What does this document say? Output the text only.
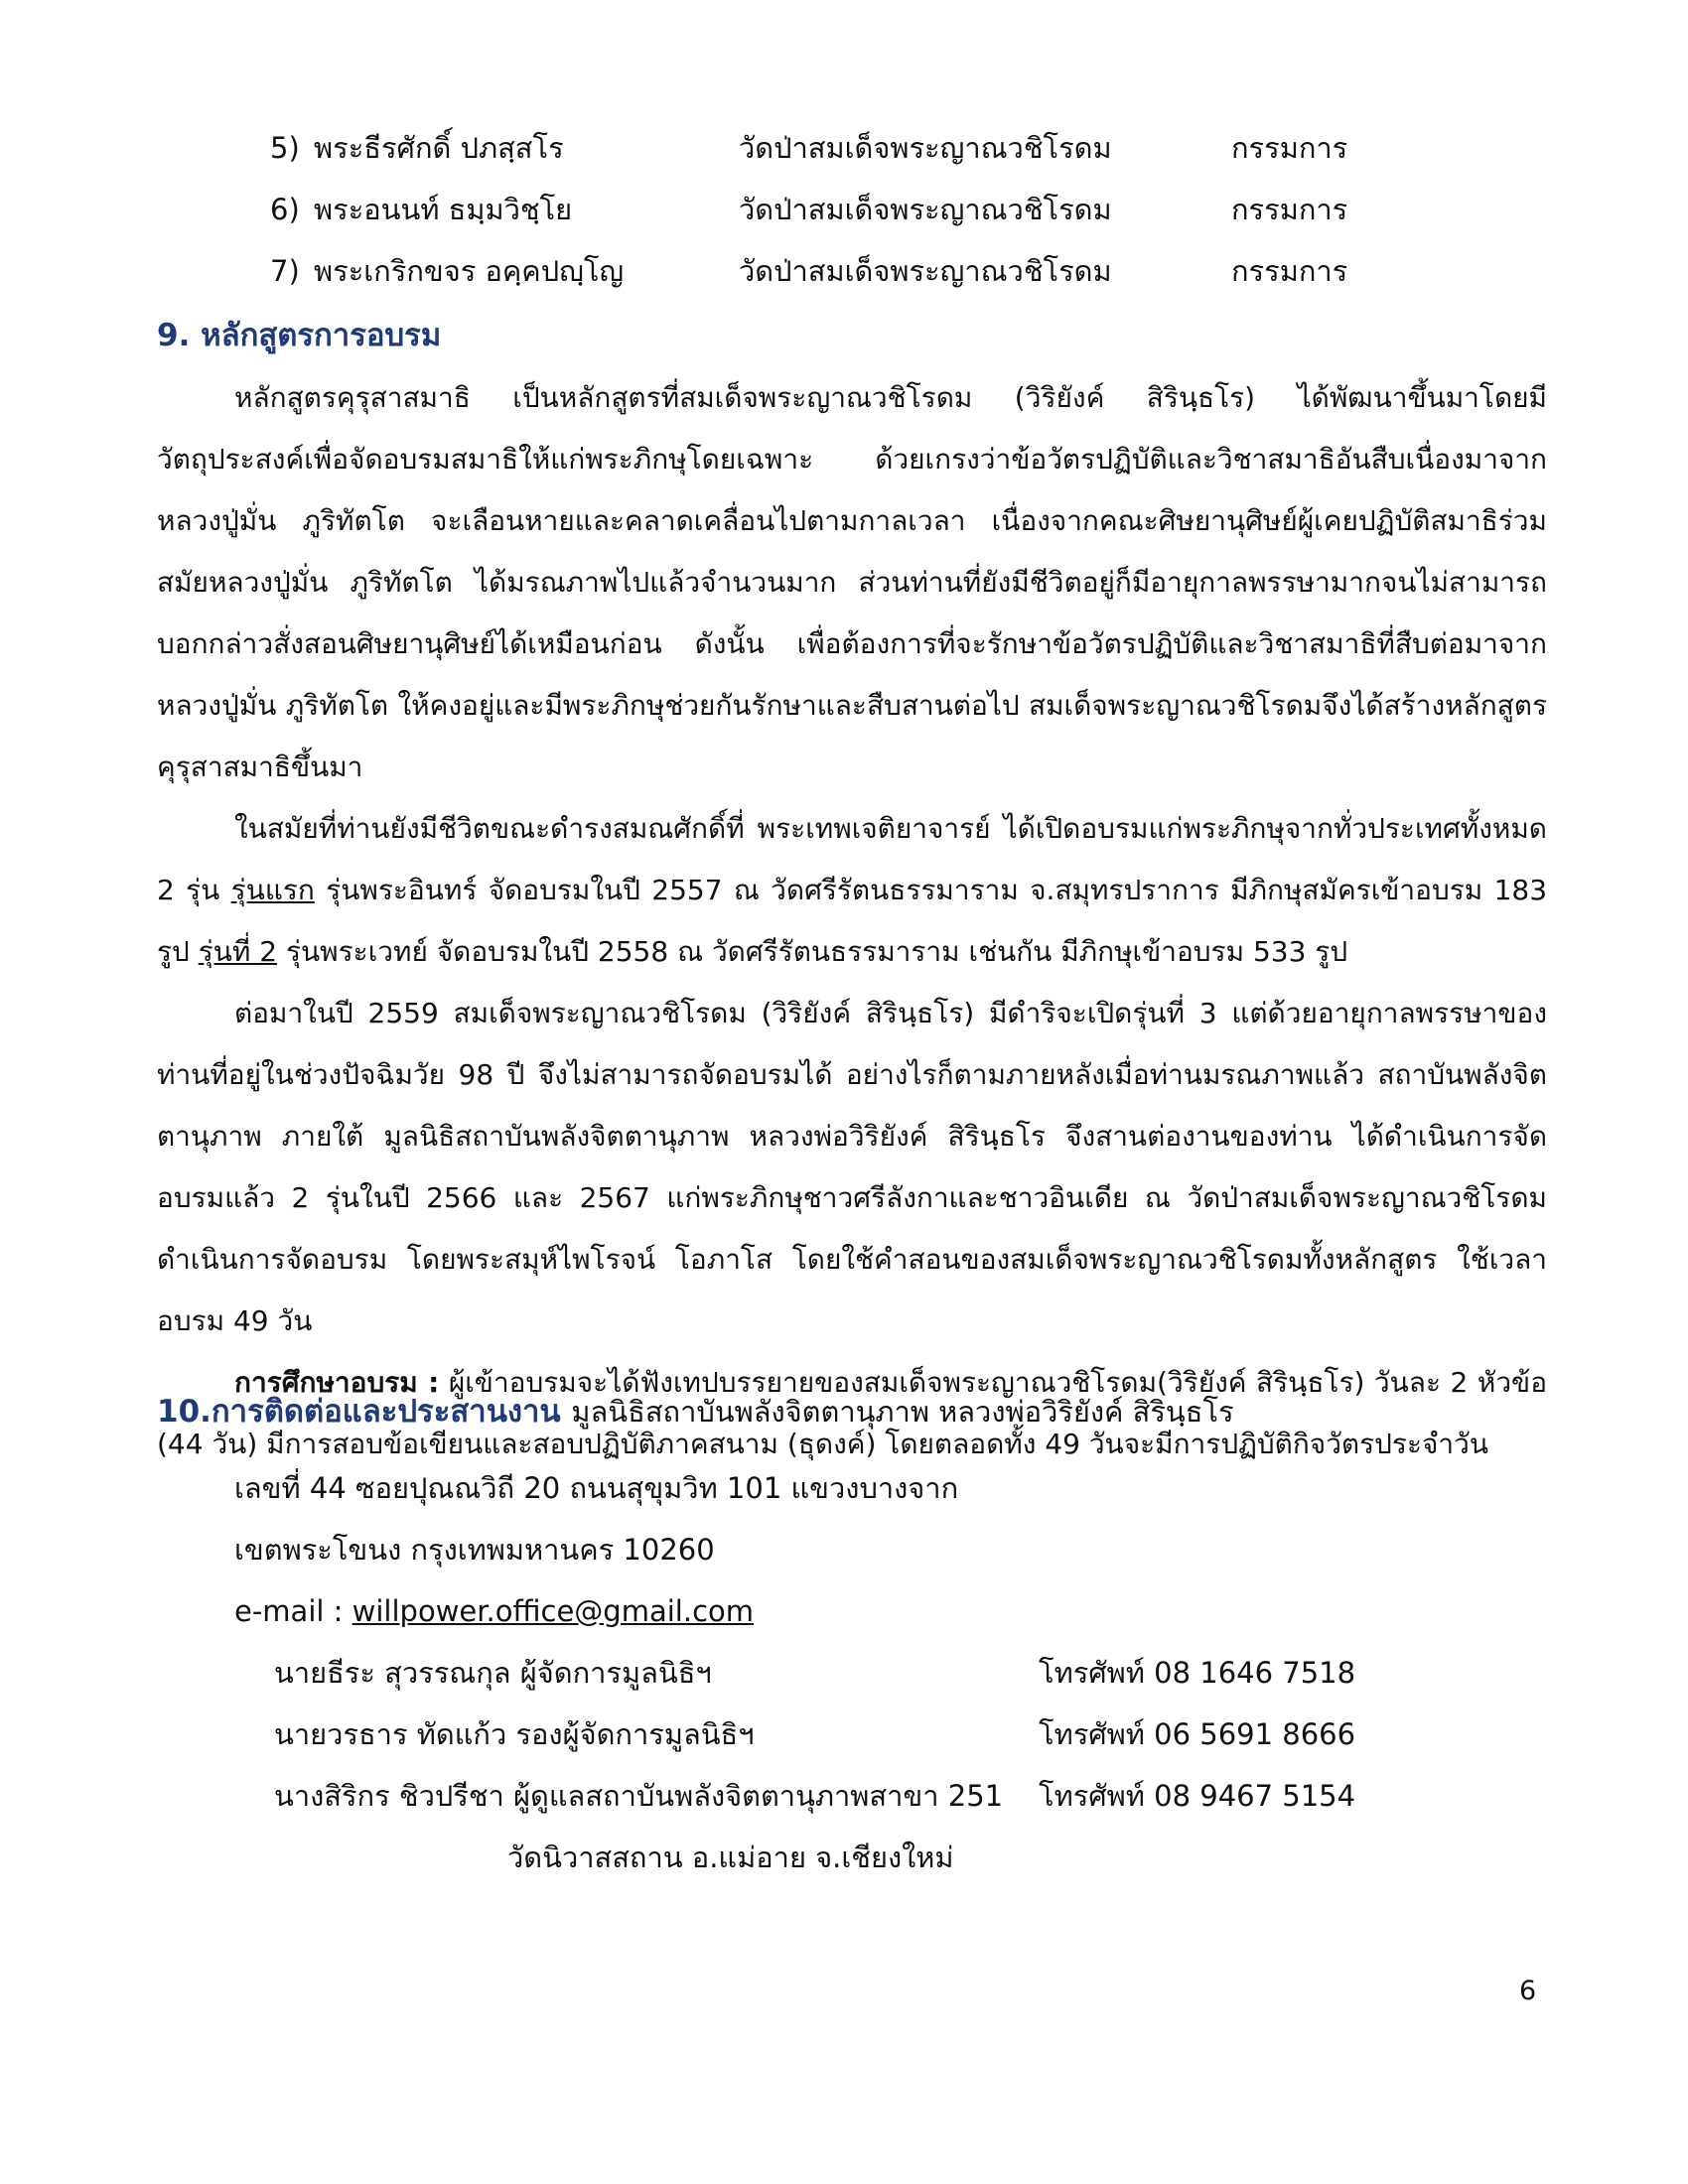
5) พระธีรศักดิ์ ปภสฺสโร	วัดป่าสมเด็จพระญาณวชิโรดม	กรรมการ
6) พระอนนท์ ธมฺมวิชฺโย	วัดป่าสมเด็จพระญาณวชิโรดม	กรรมการ
7) พระเกริกขจร อคฺคปญฺโญ	วัดป่าสมเด็จพระญาณวชิโรดม	กรรมการ
9. หลักสูตรการอบรม

หลักสูตรคุรุสาสมาธิ เป็นหลักสูตรที่สมเด็จพระญาณวชิโรดม (วิริยังค์ สิรินฺธโร) ได้พัฒนาขึ้นมาโดยมีวัตถุประสงค์เพื่อจัดอบรมสมาธิให้แก่พระภิกษุโดยเฉพาะ ด้วยเกรงว่าข้อวัตรปฏิบัติและวิชาสมาธิอันสืบเนื่องมาจากหลวงปู่มั่น ภูริทัตโต จะเลือนหายและคลาดเคลื่อนไปตามกาลเวลา เนื่องจากคณะศิษยานุศิษย์ผู้เคยปฏิบัติสมาธิร่วมสมัยหลวงปู่มั่น ภูริทัตโต ได้มรณภาพไปแล้วจำนวนมาก ส่วนท่านที่ยังมีชีวิตอยู่ก็มีอายุกาลพรรษามากจนไม่สามารถบอกกล่าวสั่งสอนศิษยานุศิษย์ได้เหมือนก่อน ดังนั้น เพื่อต้องการที่จะรักษาข้อวัตรปฏิบัติและวิชาสมาธิที่สืบต่อมาจากหลวงปู่มั่น ภูริทัตโต ให้คงอยู่และมีพระภิกษุช่วยกันรักษาและสืบสานต่อไป สมเด็จพระญาณวชิโรดมจึงได้สร้างหลักสูตรคุรุสาสมาธิขึ้นมา

ในสมัยที่ท่านยังมีชีวิตขณะดำรงสมณศักดิ์ที่ พระเทพเจติยาจารย์ ได้เปิดอบรมแก่พระภิกษุจากทั่วประเทศทั้งหมด 2 รุ่น รุ่นแรก รุ่นพระอินทร์ จัดอบรมในปี 2557 ณ วัดศรีรัตนธรรมาราม จ.สมุทรปราการ มีภิกษุสมัครเข้าอบรม 183 รูป รุ่นที่ 2 รุ่นพระเวทย์ จัดอบรมในปี 2558 ณ วัดศรีรัตนธรรมาราม เช่นกัน มีภิกษุเข้าอบรม 533 รูป

ต่อมาในปี 2559 สมเด็จพระญาณวชิโรดม (วิริยังค์ สิรินฺธโร) มีดำริจะเปิดรุ่นที่ 3 แต่ด้วยอายุกาลพรรษาของท่านที่อยู่ในช่วงปัจฉิมวัย 98 ปี จึงไม่สามารถจัดอบรมได้ อย่างไรก็ตามภายหลังเมื่อท่านมรณภาพแล้ว สถาบันพลังจิตตานุภาพ ภายใต้ มูลนิธิสถาบันพลังจิตตานุภาพ หลวงพ่อวิริยังค์ สิรินฺธโร จึงสานต่องานของท่าน ได้ดำเนินการจัดอบรมแล้ว 2 รุ่นในปี 2566 และ 2567 แก่พระภิกษุชาวศรีลังกาและชาวอินเดีย ณ วัดป่าสมเด็จพระญาณวชิโรดม ดำเนินการจัดอบรม โดยพระสมุห์ไพโรจน์ โอภาโส โดยใช้คำสอนของสมเด็จพระญาณวชิโรดมทั้งหลักสูตร ใช้เวลาอบรม 49 วัน

การศึกษาอบรม : ผู้เข้าอบรมจะได้ฟังเทปบรรยายของสมเด็จพระญาณวชิโรดม(วิริยังค์ สิรินฺธโร) วันละ 2 หัวข้อ (44 วัน) มีการสอบข้อเขียนและสอบปฏิบัติภาคสนาม (ธุดงค์) โดยตลอดทั้ง 49 วันจะมีการปฏิบัติกิจวัตรประจำวัน

10.การติดต่อและประสานงาน มูลนิธิสถาบันพลังจิตตานุภาพ หลวงพ่อวิริยังค์ สิรินฺธโร
เลขที่ 44 ซอยปุณณวิถี 20 ถนนสุขุมวิท 101 แขวงบางจาก
เขตพระโขนง กรุงเทพมหานคร 10260
e-mail : willpower.office@gmail.com
นายธีระ สุวรรณกุล ผู้จัดการมูลนิธิฯ	โทรศัพท์ 08 1646 7518
นายวรธาร ทัดแก้ว รองผู้จัดการมูลนิธิฯ	โทรศัพท์ 06 5691 8666
นางสิริกร ชิวปรีชา ผู้ดูแลสถาบันพลังจิตตานุภาพสาขา 251 โทรศัพท์ 08 9467 5154
วัดนิวาสสถาน อ.แม่อาย จ.เชียงใหม่
6
